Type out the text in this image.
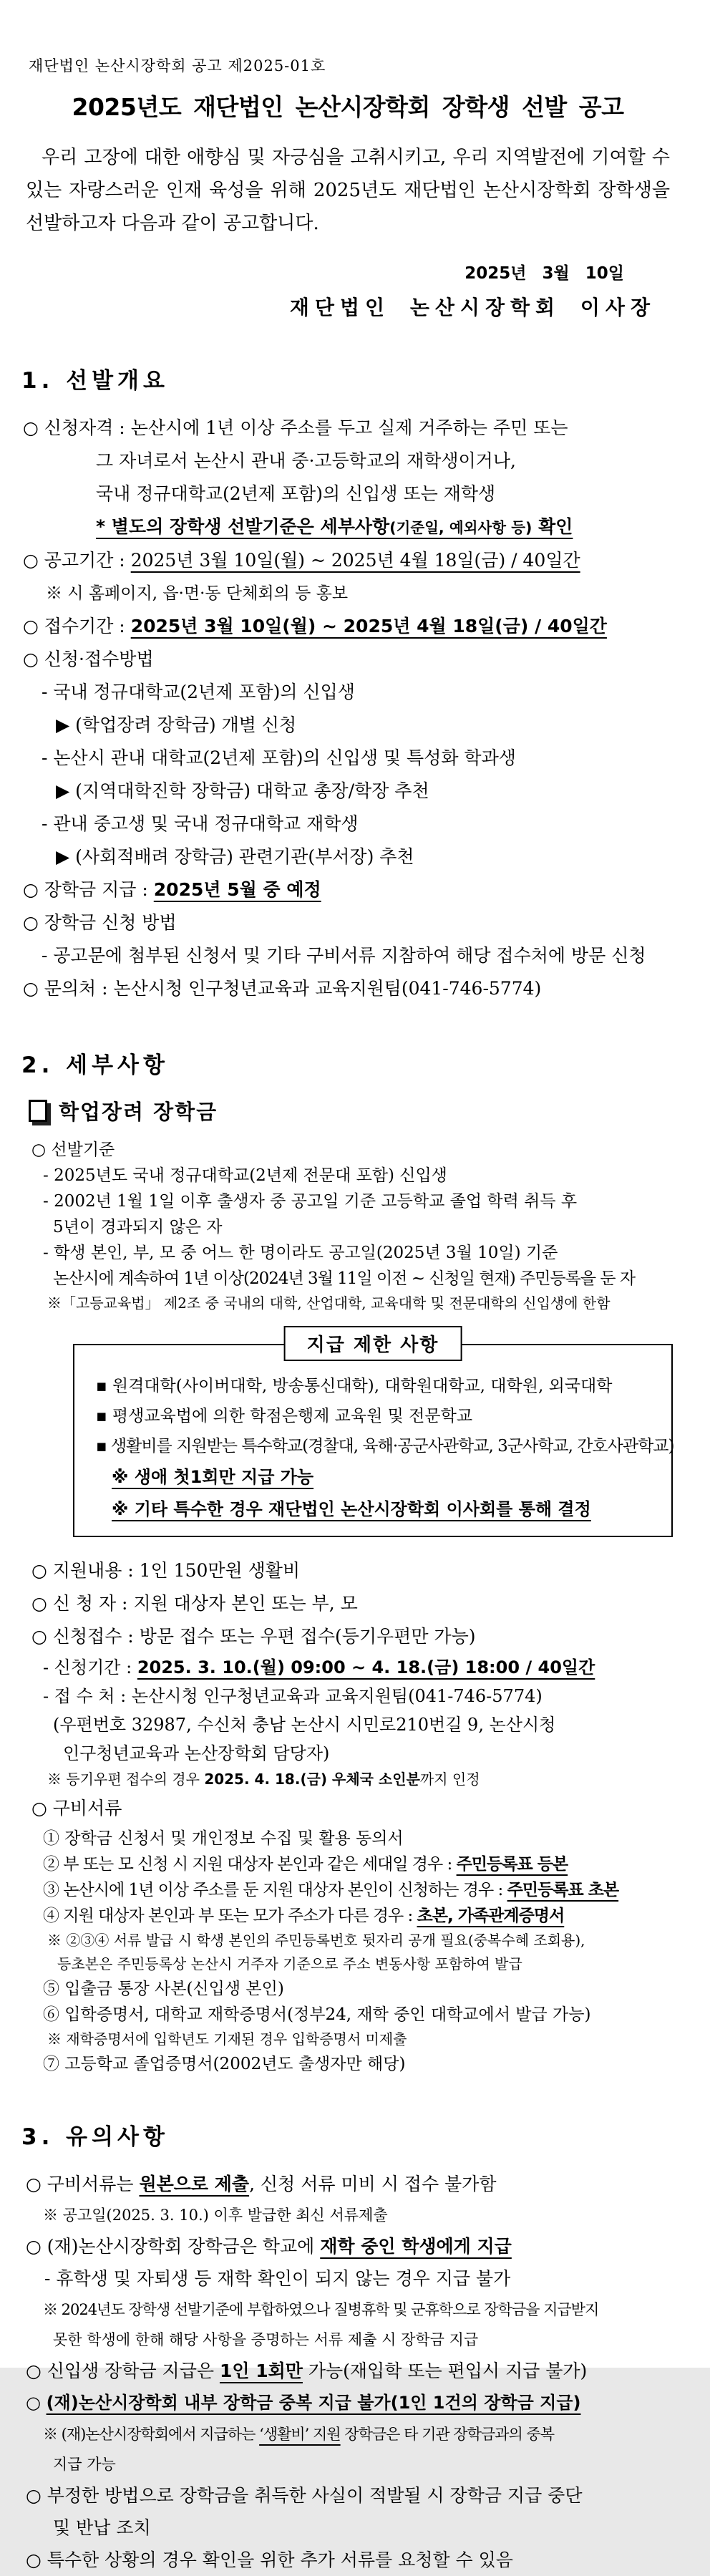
재단법인 논산시장학회 공고 제2025-01호
2025년도 재단법인 논산시장학회 장학생 선발 공고

우리 고장에 대한 애향심 및 자긍심을 고취시키고, 우리 지역발전에 기여할 수 있는 자랑스러운 인재 육성을 위해 2025년도 재단법인 논산시장학회 장학생을 선발하고자 다음과 같이 공고합니다.

2025년 3월 10일
재단법인 논산시장학회 이사장
1. 선발개요
○ 신청자격 : 논산시에 1년 이상 주소를 두고 실제 거주하는 주민 또는
그 자녀로서 논산시 관내 중·고등학교의 재학생이거나,
국내 정규대학교(2년제 포함)의 신입생 또는 재학생
* 별도의 장학생 선발기준은 세부사항(기준일, 예외사항 등) 확인
○ 공고기간 : 2025년 3월 10일(월) ~ 2025년 4월 18일(금) / 40일간
※ 시 홈페이지, 읍·면·동 단체회의 등 홍보
○ 접수기간 : 2025년 3월 10일(월) ~ 2025년 4월 18일(금) / 40일간
○ 신청·접수방법
- 국내 정규대학교(2년제 포함)의 신입생
▶ (학업장려 장학금) 개별 신청
- 논산시 관내 대학교(2년제 포함)의 신입생 및 특성화 학과생
▶ (지역대학진학 장학금) 대학교 총장/학장 추천
- 관내 중고생 및 국내 정규대학교 재학생
▶ (사회적배려 장학금) 관련기관(부서장) 추천
○ 장학금 지급 : 2025년 5월 중 예정
○ 장학금 신청 방법
- 공고문에 첨부된 신청서 및 기타 구비서류 지참하여 해당 접수처에 방문 신청
○ 문의처 : 논산시청 인구청년교육과 교육지원팀(041-746-5774)
2. 세부사항
학업장려 장학금
○ 선발기준
- 2025년도 국내 정규대학교(2년제 전문대 포함) 신입생
- 2002년 1월 1일 이후 출생자 중 공고일 기준 고등학교 졸업 학력 취득 후
5년이 경과되지 않은 자
- 학생 본인, 부, 모 중 어느 한 명이라도 공고일(2025년 3월 10일) 기준
논산시에 계속하여 1년 이상(2024년 3월 11일 이전 ~ 신청일 현재) 주민등록을 둔 자
※「고등교육법」 제2조 중 국내의 대학, 산업대학, 교육대학 및 전문대학의 신입생에 한함
지급 제한 사항
▪ 원격대학(사이버대학, 방송통신대학), 대학원대학교, 대학원, 외국대학
▪ 평생교육법에 의한 학점은행제 교육원 및 전문학교
▪ 생활비를 지원받는 특수학교(경찰대, 육해·공군사관학교, 3군사학교, 간호사관학교)
※ 생애 첫1회만 지급 가능
※ 기타 특수한 경우 재단법인 논산시장학회 이사회를 통해 결정
○ 지원내용 : 1인 150만원 생활비
○ 신 청 자 : 지원 대상자 본인 또는 부, 모
○ 신청접수 : 방문 접수 또는 우편 접수(등기우편만 가능)
- 신청기간 : 2025. 3. 10.(월) 09:00 ~ 4. 18.(금) 18:00 / 40일간
- 접 수 처 : 논산시청 인구청년교육과 교육지원팀(041-746-5774)
(우편번호 32987, 수신처 충남 논산시 시민로210번길 9, 논산시청
인구청년교육과 논산장학회 담당자)
※ 등기우편 접수의 경우 2025. 4. 18.(금) 우체국 소인분까지 인정
○ 구비서류
① 장학금 신청서 및 개인정보 수집 및 활용 동의서
② 부 또는 모 신청 시 지원 대상자 본인과 같은 세대일 경우 : 주민등록표 등본
③ 논산시에 1년 이상 주소를 둔 지원 대상자 본인이 신청하는 경우 : 주민등록표 초본
④ 지원 대상자 본인과 부 또는 모가 주소가 다른 경우 : 초본, 가족관계증명서
※ ②③④ 서류 발급 시 학생 본인의 주민등록번호 뒷자리 공개 필요(중복수혜 조회용),
등초본은 주민등록상 논산시 거주자 기준으로 주소 변동사항 포함하여 발급
⑤ 입출금 통장 사본(신입생 본인)
⑥ 입학증명서, 대학교 재학증명서(정부24, 재학 중인 대학교에서 발급 가능)
※ 재학증명서에 입학년도 기재된 경우 입학증명서 미제출
⑦ 고등학교 졸업증명서(2002년도 출생자만 해당)
3. 유의사항
○ 구비서류는 원본으로 제출, 신청 서류 미비 시 접수 불가함
※ 공고일(2025. 3. 10.) 이후 발급한 최신 서류제출
○ (재)논산시장학회 장학금은 학교에 재학 중인 학생에게 지급
- 휴학생 및 자퇴생 등 재학 확인이 되지 않는 경우 지급 불가
※ 2024년도 장학생 선발기준에 부합하였으나 질병휴학 및 군휴학으로 장학금을 지급받지
못한 학생에 한해 해당 사항을 증명하는 서류 제출 시 장학금 지급
○ 신입생 장학금 지급은 1인 1회만 가능(재입학 또는 편입시 지급 불가)
○ (재)논산시장학회 내부 장학금 중복 지급 불가(1인 1건의 장학금 지급)
※ (재)논산시장학회에서 지급하는 ‘생활비’ 지원 장학금은 타 기관 장학금과의 중복
지급 가능
○ 부정한 방법으로 장학금을 취득한 사실이 적발될 시 장학금 지급 중단
및 반납 조치
○ 특수한 상황의 경우 확인을 위한 추가 서류를 요청할 수 있음
